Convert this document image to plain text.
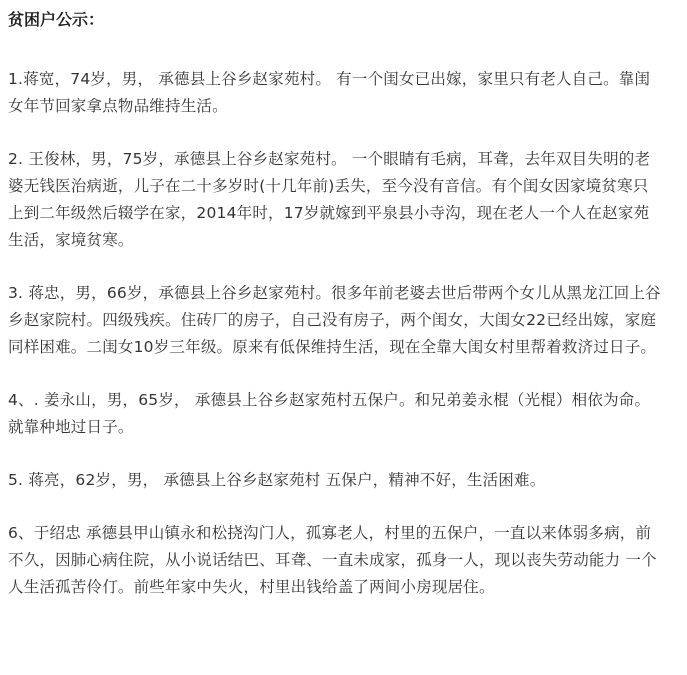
贫困户公示：

1.蒋宽，74岁，男， 承德县上谷乡赵家苑村。 有一个闺女已出嫁，家里只有老人自己。靠闺女年节回家拿点物品维持生活。

2. 王俊林，男，75岁，承德县上谷乡赵家苑村。 一个眼睛有毛病，耳聋，去年双目失明的老婆无钱医治病逝，儿子在二十多岁时(十几年前)丢失，至今没有音信。有个闺女因家境贫寒只上到二年级然后辍学在家，2014年时，17岁就嫁到平泉县小寺沟，现在老人一个人在赵家苑生活，家境贫寒。

3. 蒋忠，男，66岁，承德县上谷乡赵家苑村。很多年前老婆去世后带两个女儿从黑龙江回上谷乡赵家院村。四级残疾。住砖厂的房子，自己没有房子，两个闺女，大闺女22已经出嫁，家庭同样困难。二闺女10岁三年级。原来有低保维持生活，现在全靠大闺女村里帮着救济过日子。

4、. 姜永山，男，65岁， 承德县上谷乡赵家苑村五保户。和兄弟姜永棍（光棍）相依为命。就靠种地过日子。

5. 蒋亮，62岁，男， 承德县上谷乡赵家苑村 五保户，精神不好，生活困难。

6、于绍忠 承德县甲山镇永和松挠沟门人，孤寡老人，村里的五保户，一直以来体弱多病，前不久，因肺心病住院，从小说话结巴、耳聋、一直未成家，孤身一人，现以丧失劳动能力 一个人生活孤苦伶仃。前些年家中失火，村里出钱给盖了两间小房现居住。
